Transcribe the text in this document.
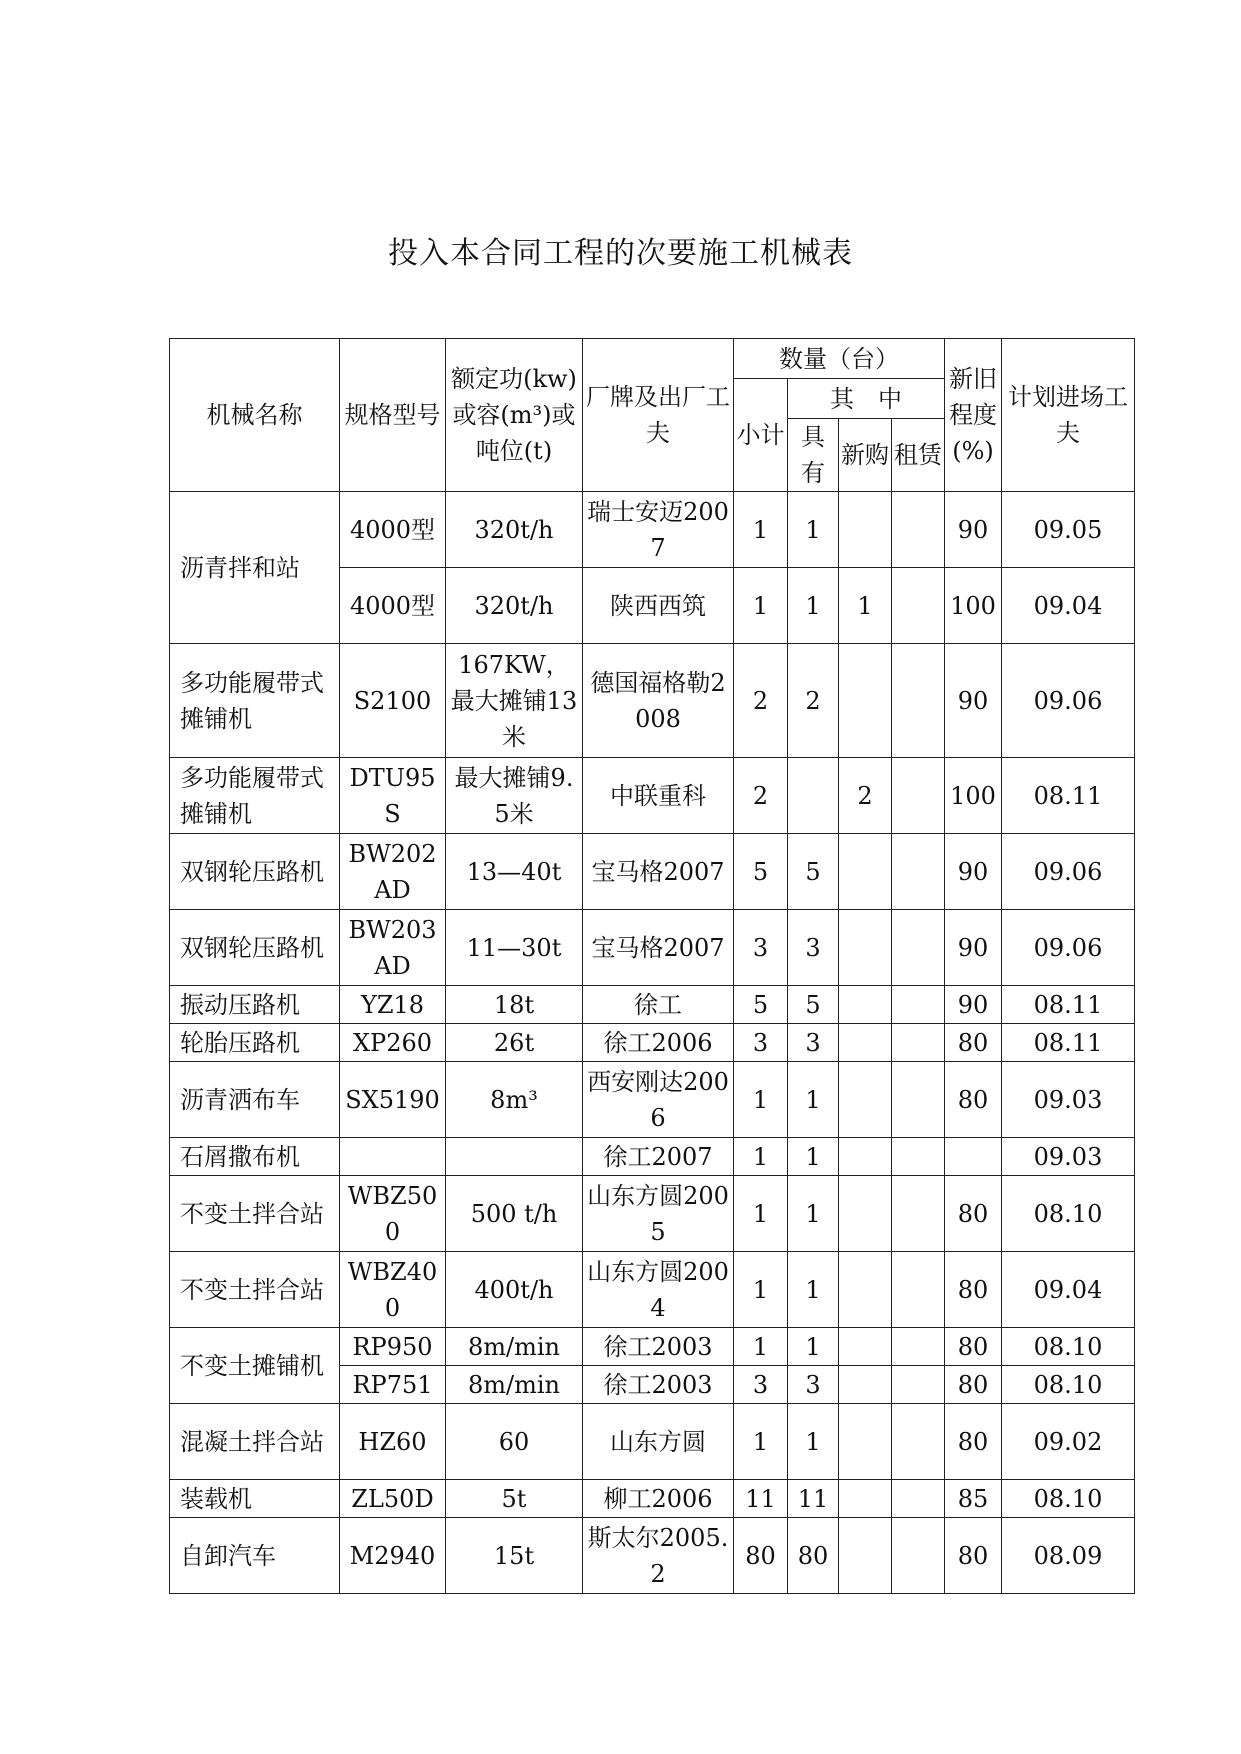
投入本合同工程的次要施工机械表
机械名称	规格型号	额定功(kw)或容(m³)或吨位(t)	厂牌及出厂工夫	数量（台）				新旧程度(%)	计划进场工夫
				小计	其　中				
					具有	新购	租赁		

沥青拌和站	4000型	320t/h	瑞士安迈2007	1	1			90	09.05
	4000型	320t/h	陕西西筑	1	1	1		100	09.04
多功能履带式摊铺机	S2100	167KW，最大摊铺13米	德国福格勒2008	2	2			90	09.06
多功能履带式摊铺机	DTU95S	最大摊铺9.5米	中联重科	2		2		100	08.11
双钢轮压路机	BW202AD	13—40t	宝马格2007	5	5			90	09.06
双钢轮压路机	BW203AD	11—30t	宝马格2007	3	3			90	09.06
振动压路机	YZ18	18t	徐工	5	5			90	08.11
轮胎压路机	XP260	26t	徐工2006	3	3			80	08.11
沥青洒布车	SX5190	8m³	西安刚达2006	1	1			80	09.03
石屑撒布机			徐工2007	1	1				09.03
不变土拌合站	WBZ500	500 t/h	山东方圆2005	1	1			80	08.10
不变土拌合站	WBZ400	400t/h	山东方圆2004	1	1			80	09.04
不变土摊铺机	RP950	8m/min	徐工2003	1	1			80	08.10
	RP751	8m/min	徐工2003	3	3			80	08.10
混凝土拌合站	HZ60	60	山东方圆	1	1			80	09.02
装载机	ZL50D	5t	柳工2006	11	11			85	08.10
自卸汽车	M2940	15t	斯太尔2005.2	80	80			80	08.09
